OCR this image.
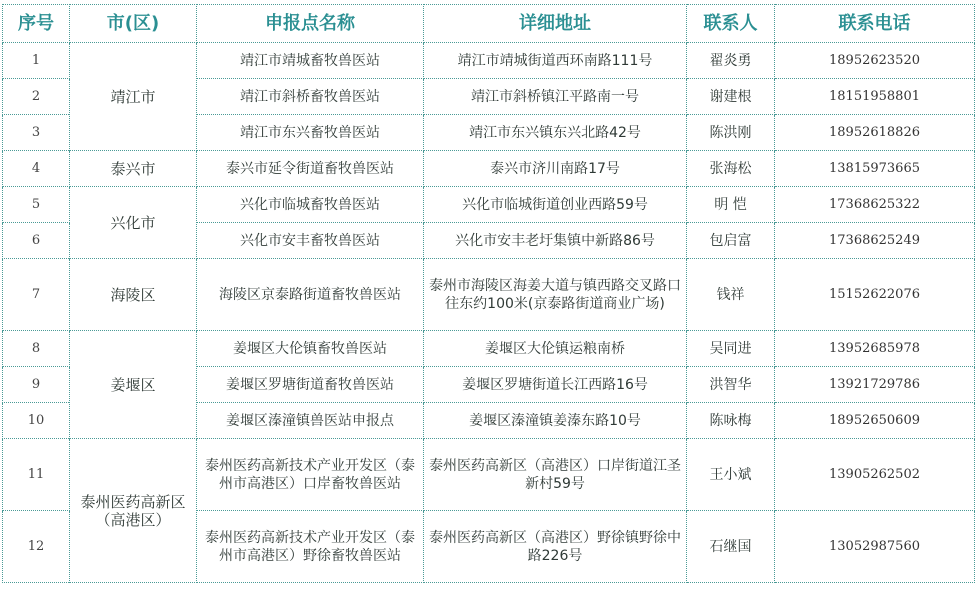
序号	市(区)	申报点名称	详细地址	联系人	联系电话
1	靖江市	靖江市靖城畜牧兽医站	靖江市靖城街道西环南路111号	翟炎勇	18952623520
2		靖江市斜桥畜牧兽医站	靖江市斜桥镇江平路南一号	谢建根	18151958801
3		靖江市东兴畜牧兽医站	靖江市东兴镇东兴北路42号	陈洪刚	18952618826
4	泰兴市	泰兴市延令街道畜牧兽医站	泰兴市济川南路17号	张海松	13815973665
5	兴化市	兴化市临城畜牧兽医站	兴化市临城街道创业西路59号	明 恺	17368625322
6		兴化市安丰畜牧兽医站	兴化市安丰老圩集镇中新路86号	包启富	17368625249
7	海陵区	海陵区京泰路街道畜牧兽医站	泰州市海陵区海姜大道与镇西路交叉路口往东约100米(京泰路街道商业广场)	钱祥	15152622076
8	姜堰区	姜堰区大伦镇畜牧兽医站	姜堰区大伦镇运粮南桥	吴同进	13952685978
9		姜堰区罗塘街道畜牧兽医站	姜堰区罗塘街道长江西路16号	洪智华	13921729786
10		姜堰区溱潼镇兽医站申报点	姜堰区溱潼镇姜溱东路10号	陈咏梅	18952650609
11	泰州医药高新区（高港区）	泰州医药高新技术产业开发区（泰州市高港区）口岸畜牧兽医站	泰州医药高新区（高港区）口岸街道江圣新村59号	王小斌	13905262502
12		泰州医药高新技术产业开发区（泰州市高港区）野徐畜牧兽医站	泰州医药高新区（高港区）野徐镇野徐中路226号	石继国	13052987560
